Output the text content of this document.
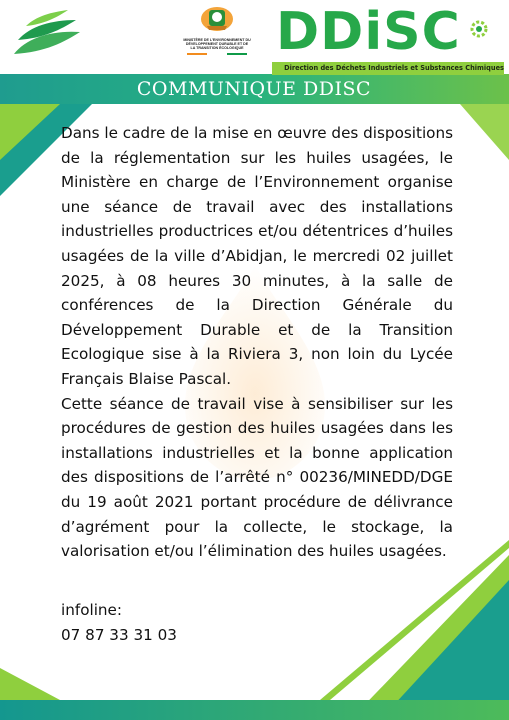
MINISTÈRE DE L'ENVIRONNEMENT DU DÉVELOPPEMENT DURABLE ET DE LA TRANSITION ÉCOLOGIQUE DDiSC
Direction des Déchets Industriels et Substances Chimiques
COMMUNIQUE DDISC

Dans le cadre de la mise en œuvre des dispositions de la réglementation sur les huiles usagées, le Ministère en charge de l’Environnement organise une séance de travail avec des installations industrielles productrices et/ou détentrices d’huiles usagées de la ville d’Abidjan, le mercredi 02 juillet 2025, à 08 heures 30 minutes, à la salle de conférences de la Direction Générale du Développement Durable et de la Transition Ecologique sise à la Riviera 3, non loin du Lycée Français Blaise Pascal.

Cette séance de travail vise à sensibiliser sur les procédures de gestion des huiles usagées dans les installations industrielles et la bonne application des dispositions de l’arrêté n° 00236/MINEDD/DGE du 19 août 2021 portant procédure de délivrance d’agrément pour la collecte, le stockage, la valorisation et/ou l’élimination des huiles usagées.

infoline:
07 87 33 31 03
